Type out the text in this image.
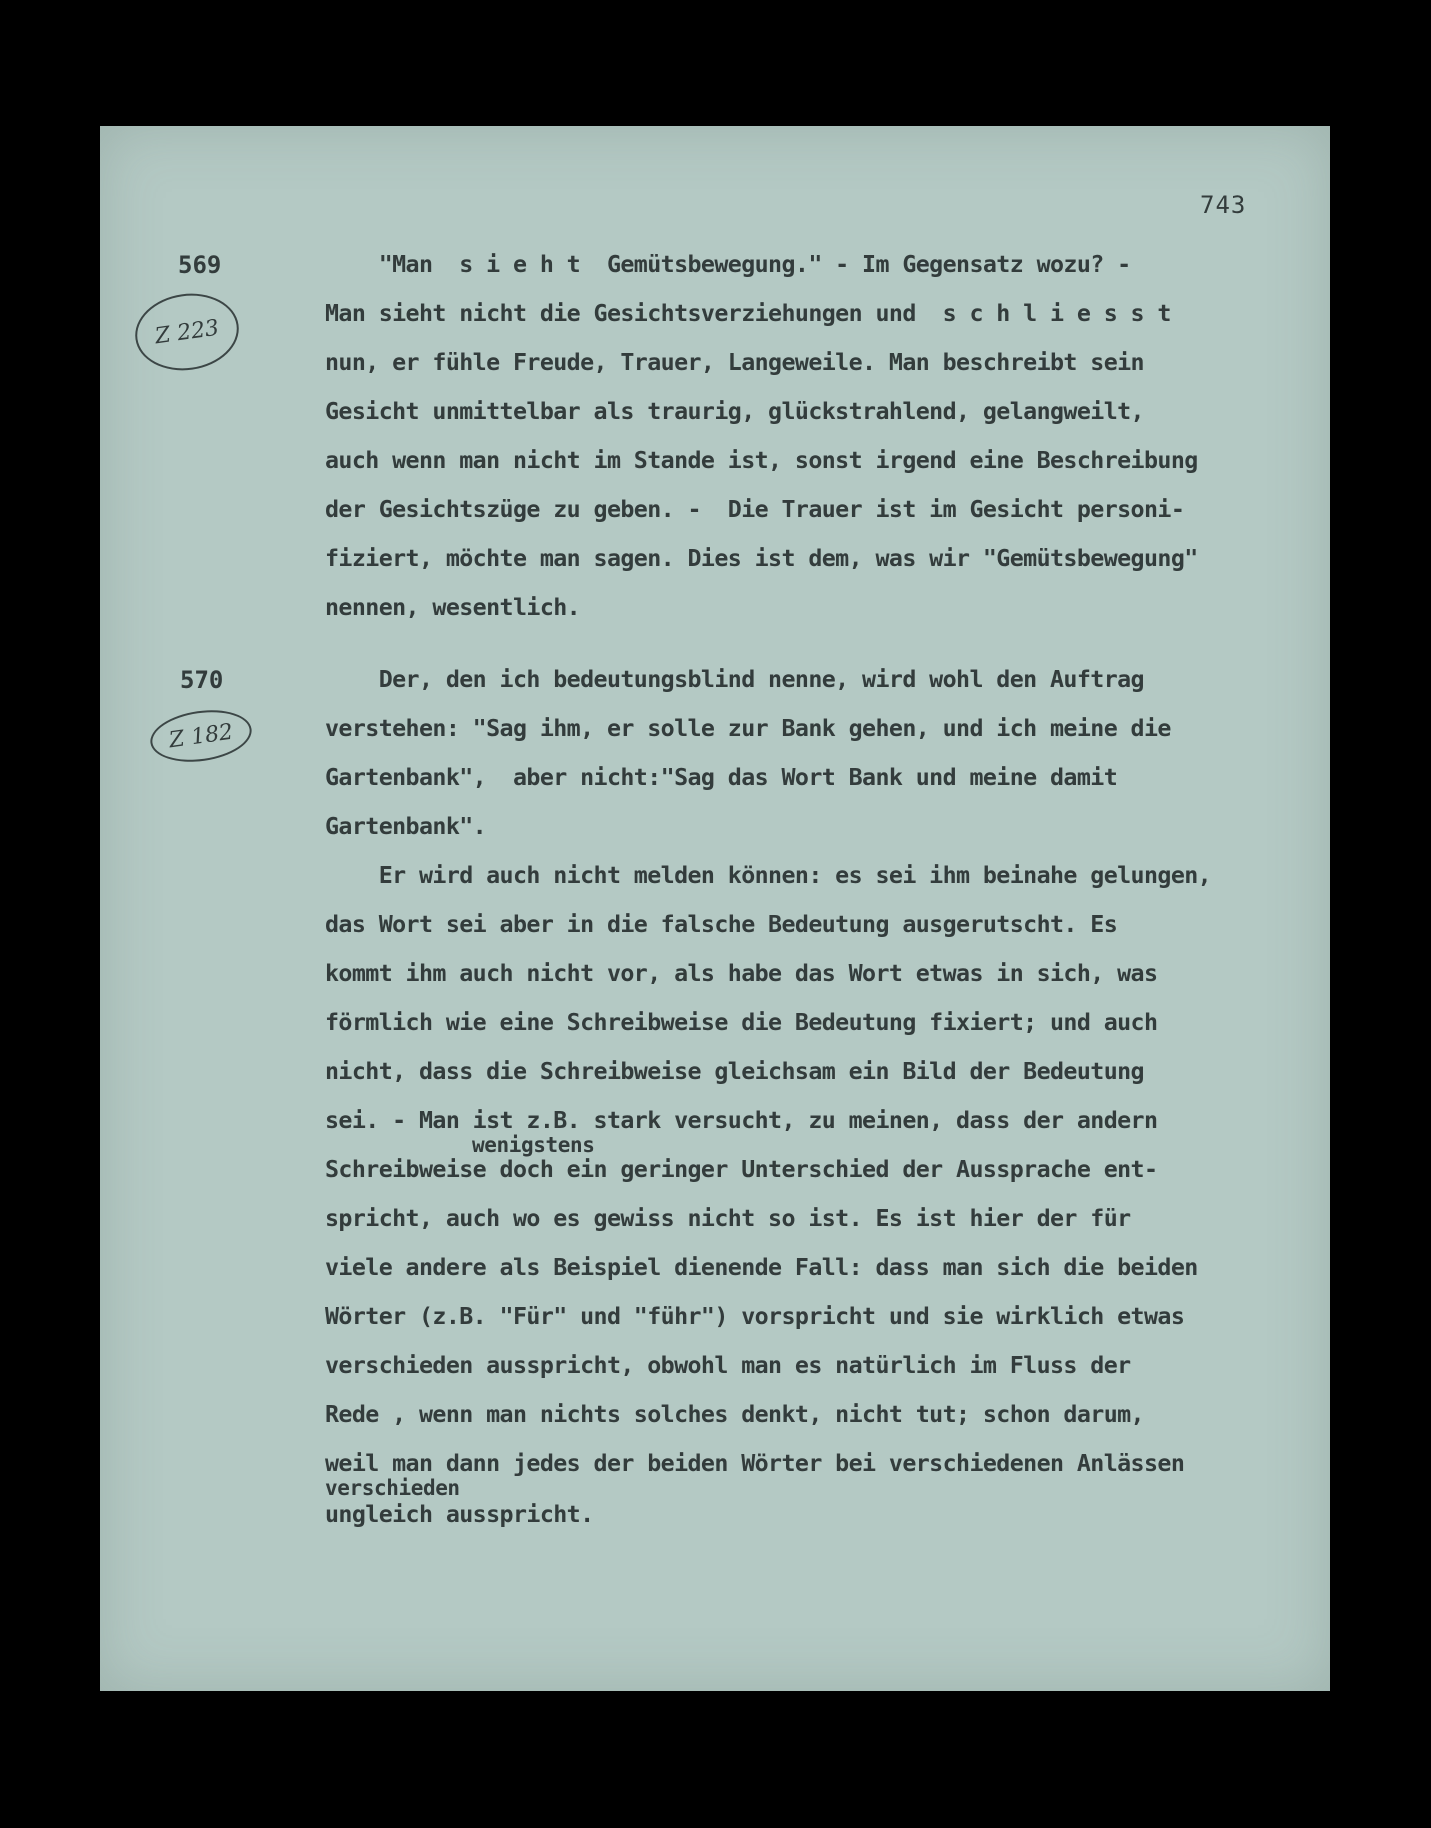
743
569
Z 223
"Man  s i e h t  Gemütsbewegung." - Im Gegensatz wozu? -
Man sieht nicht die Gesichtsverziehungen und  s c h l i e s s t
nun, er fühle Freude, Trauer, Langeweile. Man beschreibt sein
Gesicht unmittelbar als traurig, glückstrahlend, gelangweilt,
auch wenn man nicht im Stande ist, sonst irgend eine Beschreibung
der Gesichtszüge zu geben. -  Die Trauer ist im Gesicht personi-
fiziert, möchte man sagen. Dies ist dem, was wir "Gemütsbewegung"
nennen, wesentlich.
570
Z 182
Der, den ich bedeutungsblind nenne, wird wohl den Auftrag
verstehen: "Sag ihm, er solle zur Bank gehen, und ich meine die
Gartenbank",  aber nicht:"Sag das Wort Bank und meine damit
Gartenbank".
Er wird auch nicht melden können: es sei ihm beinahe gelungen,
das Wort sei aber in die falsche Bedeutung ausgerutscht. Es
kommt ihm auch nicht vor, als habe das Wort etwas in sich, was
förmlich wie eine Schreibweise die Bedeutung fixiert; und auch
nicht, dass die Schreibweise gleichsam ein Bild der Bedeutung
sei. - Man ist z.B. stark versucht, zu meinen, dass der andern
wenigstens
Schreibweise doch ein geringer Unterschied der Aussprache ent-
spricht, auch wo es gewiss nicht so ist. Es ist hier der für
viele andere als Beispiel dienende Fall: dass man sich die beiden
Wörter (z.B. "Für" und "führ") vorspricht und sie wirklich etwas
verschieden ausspricht, obwohl man es natürlich im Fluss der
Rede , wenn man nichts solches denkt, nicht tut; schon darum,
weil man dann jedes der beiden Wörter bei verschiedenen Anlässen
verschieden
ungleich ausspricht.
